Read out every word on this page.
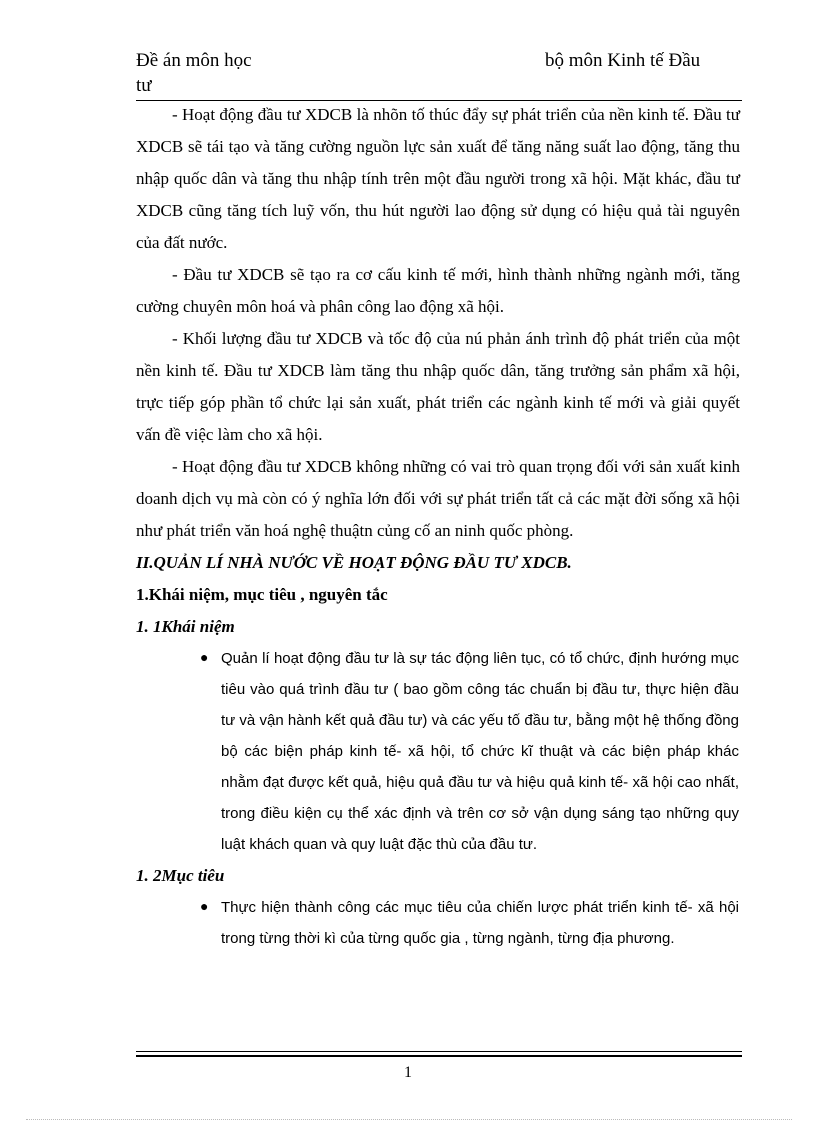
Đề án môn học
tư
bộ môn Kinh tế Đầu

- Hoạt động đầu tư XDCB là nhõn tố thúc đẩy sự phát triển của nền kinh tế. Đầu tư XDCB sẽ tái tạo và tăng cường nguồn lực sản xuất để tăng năng suất lao động, tăng thu nhập quốc dân và tăng thu nhập tính trên một đầu người trong xã hội. Mặt khác, đầu tư XDCB cũng tăng tích luỹ vốn, thu hút người lao động sử dụng có hiệu quả tài nguyên của đất nước.

- Đầu tư XDCB sẽ tạo ra cơ cấu kinh tế mới, hình thành những ngành mới, tăng cường chuyên môn hoá và phân công lao động xã hội.

- Khối lượng đầu tư XDCB và tốc độ của nú phản ánh trình độ phát triển của một nền kinh tế. Đầu tư XDCB làm tăng thu nhập quốc dân, tăng trưởng sản phẩm xã hội, trực tiếp góp phần tổ chức lại sản xuất, phát triển các ngành kinh tế mới và giải quyết vấn đề việc làm cho xã hội.

- Hoạt động đầu tư XDCB không những có vai trò quan trọng đối với sản xuất kinh doanh dịch vụ mà còn có ý nghĩa lớn đối với sự phát triển tất cả các mặt đời sống xã hội như phát triển văn hoá nghệ thuậtn củng cố an ninh quốc phòng.

II.QUẢN LÍ NHÀ NƯỚC VỀ HOẠT ĐỘNG ĐẦU TƯ XDCB.

1.Khái niệm, mục tiêu , nguyên tắc

1. 1Khái niệm

● Quản lí hoạt động đầu tư là sự tác động liên tục, có tổ chức, định hướng mục tiêu vào quá trình đầu tư ( bao gồm công tác chuẩn bị đầu tư, thực hiện đầu tư và vận hành kết quả đầu tư) và các yếu tố đầu tư, bằng một hệ thống đồng bộ các biện pháp kinh tế- xã hội, tổ chức kĩ thuật và các biện pháp khác nhằm đạt được kết quả, hiệu quả đầu tư và hiệu quả kinh tế- xã hội cao nhất, trong điều kiện cụ thể xác định và trên cơ sở vận dụng sáng tạo những quy luật khách quan và quy luật đặc thù của đầu tư.

1. 2Mục tiêu

● Thực hiện thành công các mục tiêu của chiến lược phát triển kinh tế- xã hội trong từng thời kì của từng quốc gia , từng ngành, từng địa phương.

1
